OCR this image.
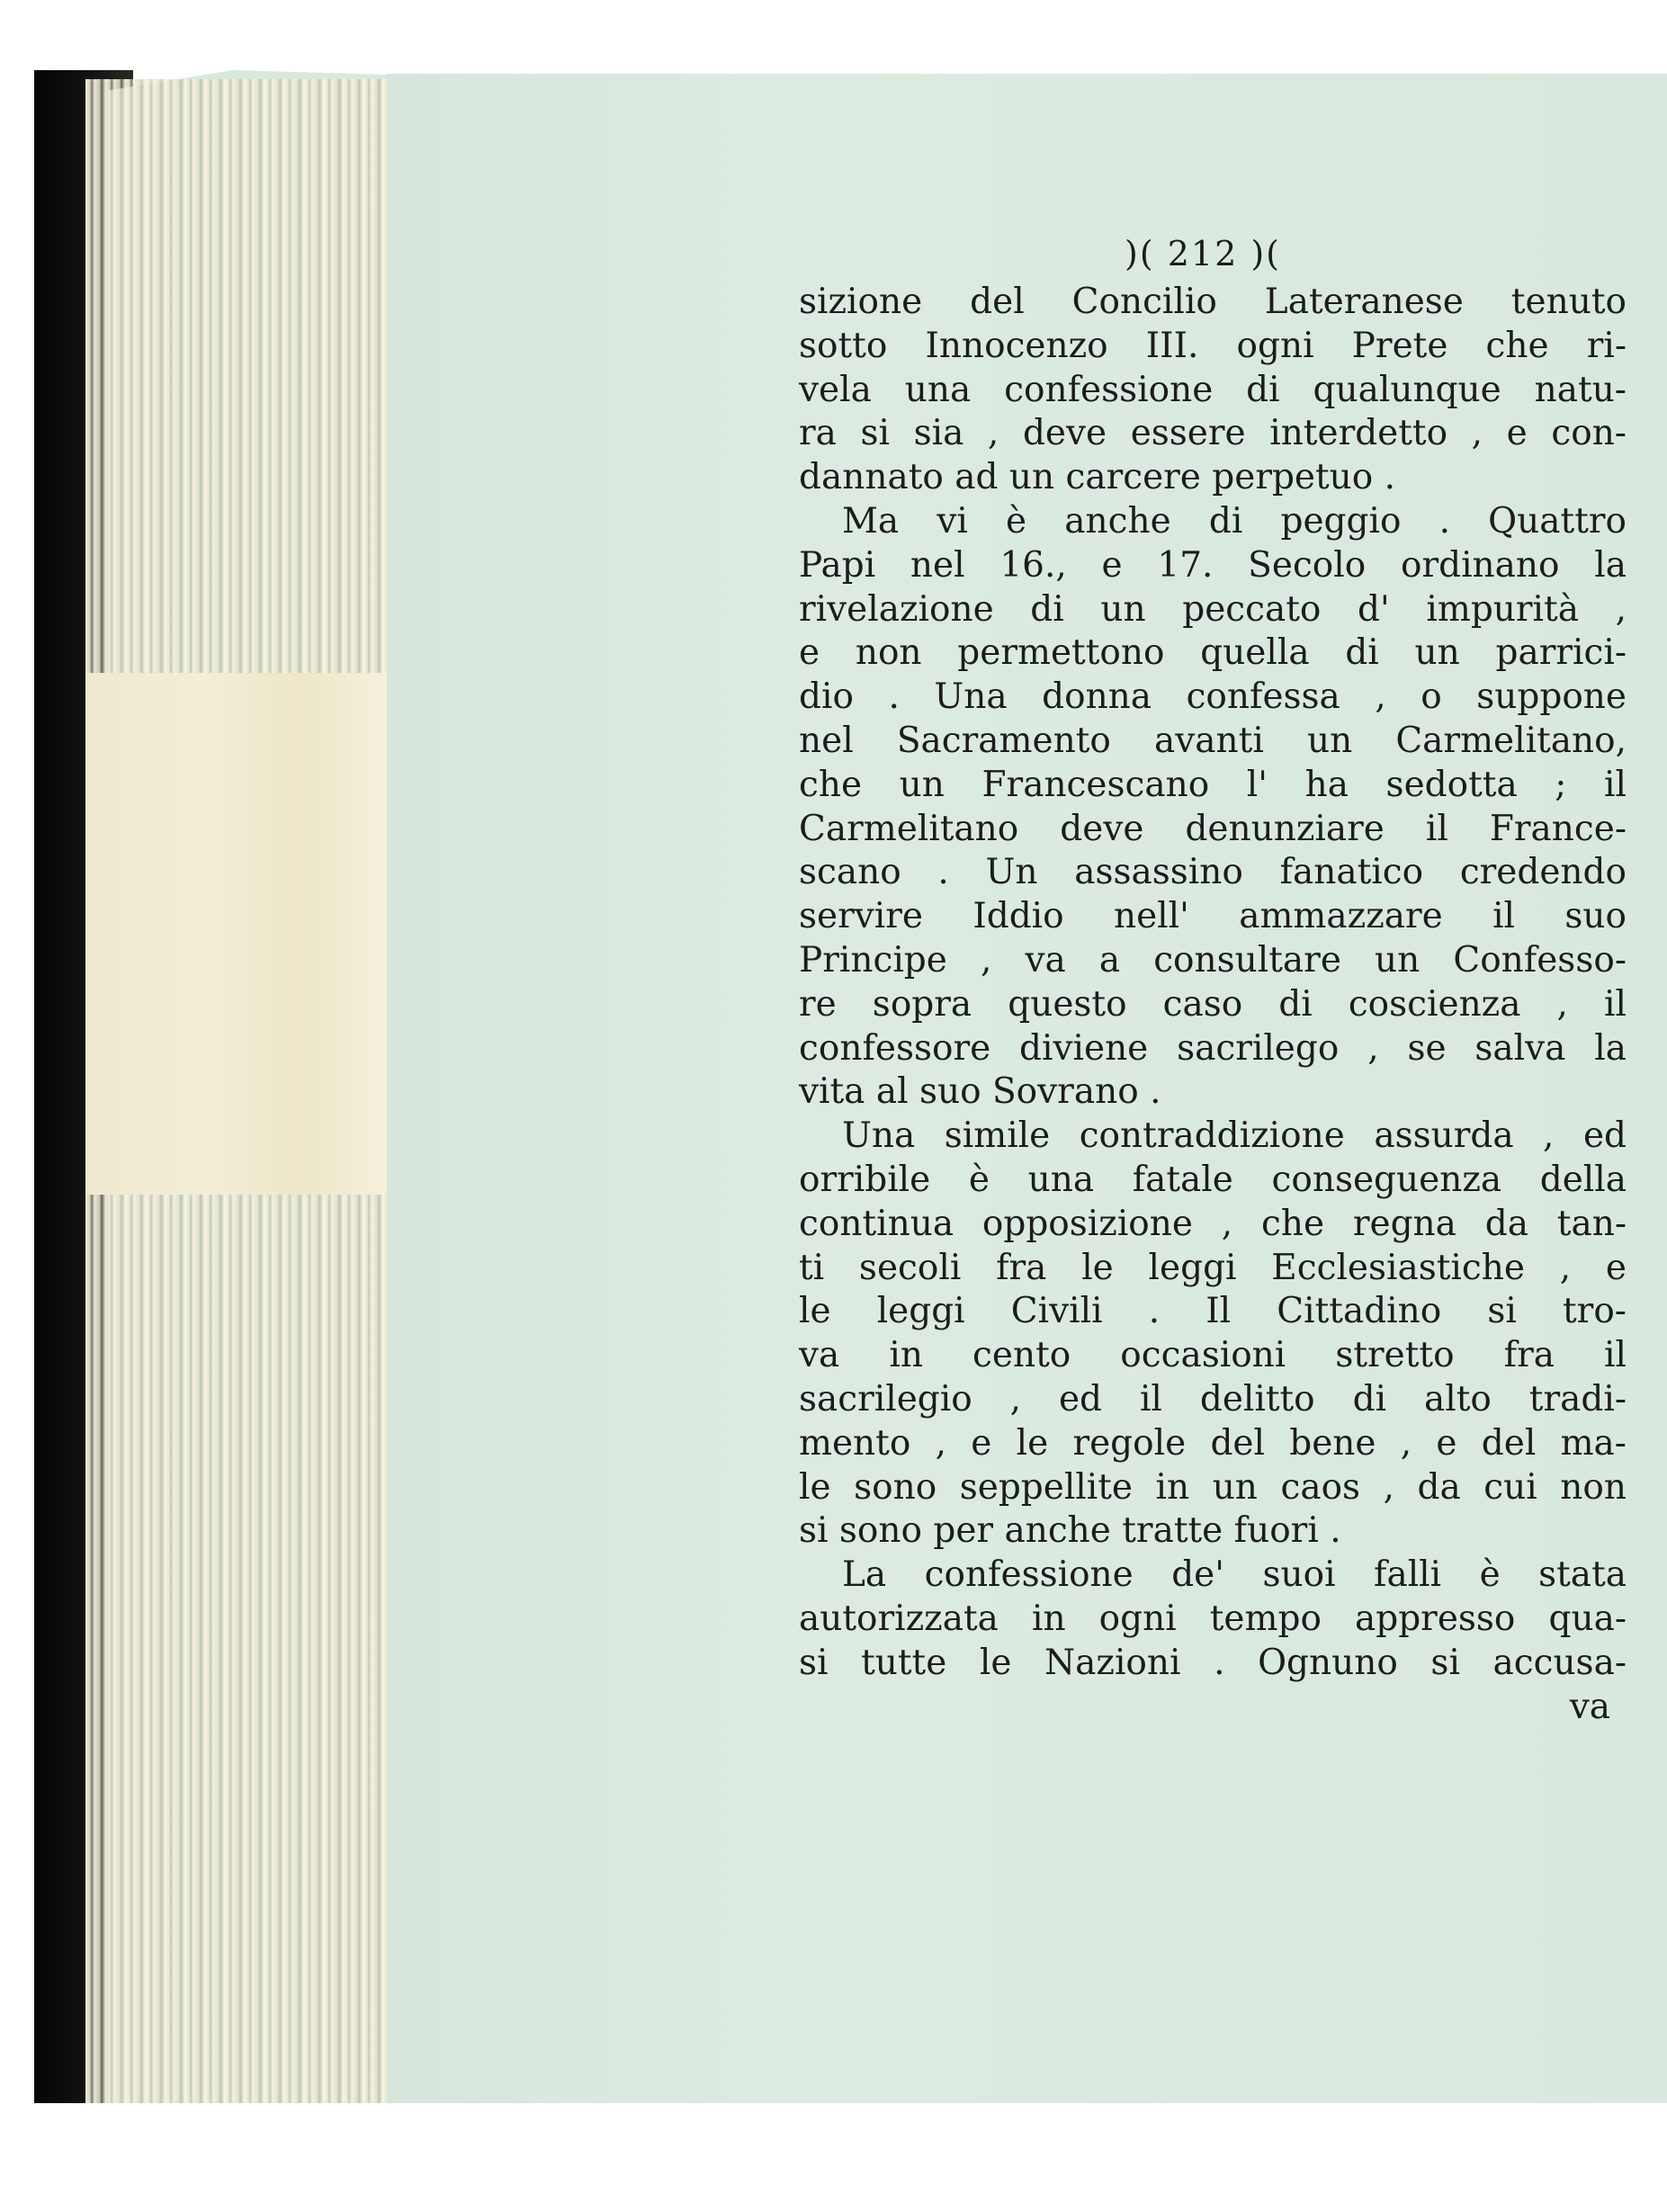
)( 212 )(
sizione del Concilio Lateranese tenuto
sotto Innocenzo III. ogni Prete che ri-
vela una confessione di qualunque natu-
ra si sia , deve essere interdetto , e con-
dannato ad un carcere perpetuo .
Ma vi è anche di peggio . Quattro
Papi nel 16., e 17. Secolo ordinano la
rivelazione di un peccato d' impurità ,
e non permettono quella di un parrici-
dio . Una donna confessa , o suppone
nel Sacramento avanti un Carmelitano,
che un Francescano l' ha sedotta ; il
Carmelitano deve denunziare il France-
scano . Un assassino fanatico credendo
servire Iddio nell' ammazzare il suo
Principe , va a consultare un Confesso-
re sopra questo caso di coscienza , il
confessore diviene sacrilego , se salva la
vita al suo Sovrano .
Una simile contraddizione assurda , ed
orribile è una fatale conseguenza della
continua opposizione , che regna da tan-
ti secoli fra le leggi Ecclesiastiche , e
le leggi Civili . Il Cittadino si tro-
va in cento occasioni stretto fra il
sacrilegio , ed il delitto di alto tradi-
mento , e le regole del bene , e del ma-
le sono seppellite in un caos , da cui non
si sono per anche tratte fuori .
La confessione de' suoi falli è stata
autorizzata in ogni tempo appresso qua-
si tutte le Nazioni . Ognuno si accusa-
va
